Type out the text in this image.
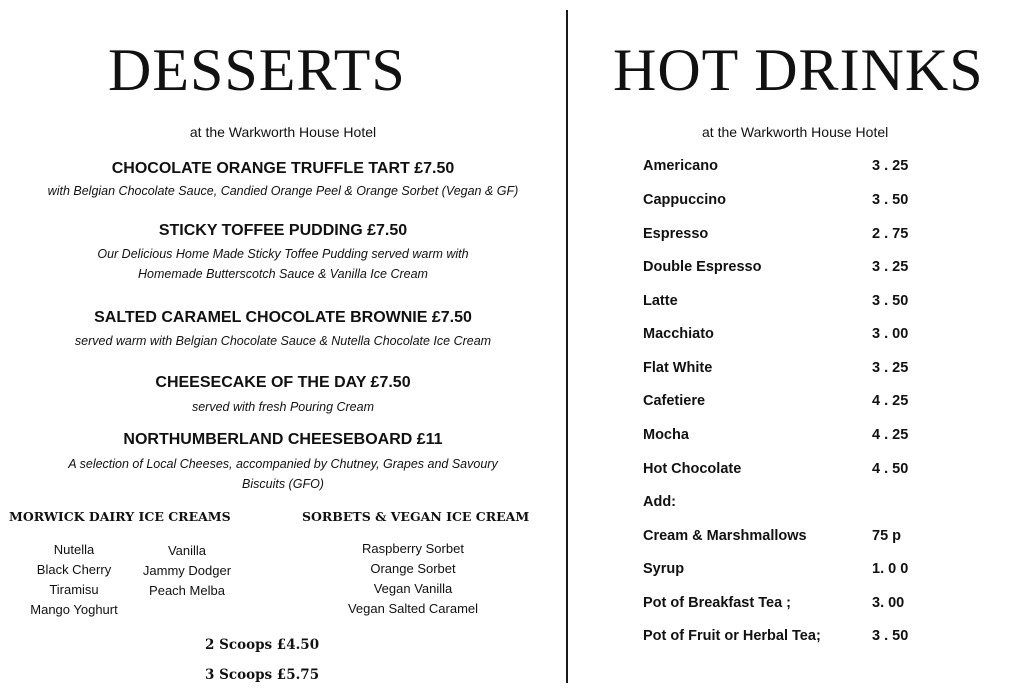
DESSERTS
at the Warkworth House Hotel
CHOCOLATE ORANGE TRUFFLE TART £7.50
with Belgian Chocolate Sauce, Candied Orange Peel & Orange Sorbet (Vegan & GF)
STICKY TOFFEE PUDDING £7.50
Our Delicious Home Made Sticky Toffee Pudding served warm with
Homemade Butterscotch Sauce & Vanilla Ice Cream
SALTED CARAMEL CHOCOLATE BROWNIE £7.50
served warm with Belgian Chocolate Sauce & Nutella Chocolate Ice Cream
CHEESECAKE OF THE DAY £7.50
served with fresh Pouring Cream
NORTHUMBERLAND CHEESEBOARD £11
A selection of Local Cheeses, accompanied by Chutney, Grapes and Savoury
Biscuits (GFO)
MORWICK DAIRY ICE CREAMS	SORBETS & VEGAN ICE CREAM
Nutella
Black Cherry
Tiramisu
Mango Yoghurt
Vanilla
Jammy Dodger
Peach Melba
Raspberry Sorbet
Orange Sorbet
Vegan Vanilla
Vegan Salted Caramel
2 Scoops £4.50
3 Scoops £5.75
HOT DRINKS
at the Warkworth House Hotel
Americano	3 . 25
Cappuccino	3 . 50
Espresso	2 . 75
Double Espresso	3 . 25
Latte	3 . 50
Macchiato	3 . 00
Flat White	3 . 25
Cafetiere	4 . 25
Mocha	4 . 25
Hot Chocolate	4 . 50
Add:
Cream & Marshmallows	75 p
Syrup	1. 0 0
Pot of Breakfast Tea ;	3. 00
Pot of Fruit or Herbal Tea;	3 . 50
